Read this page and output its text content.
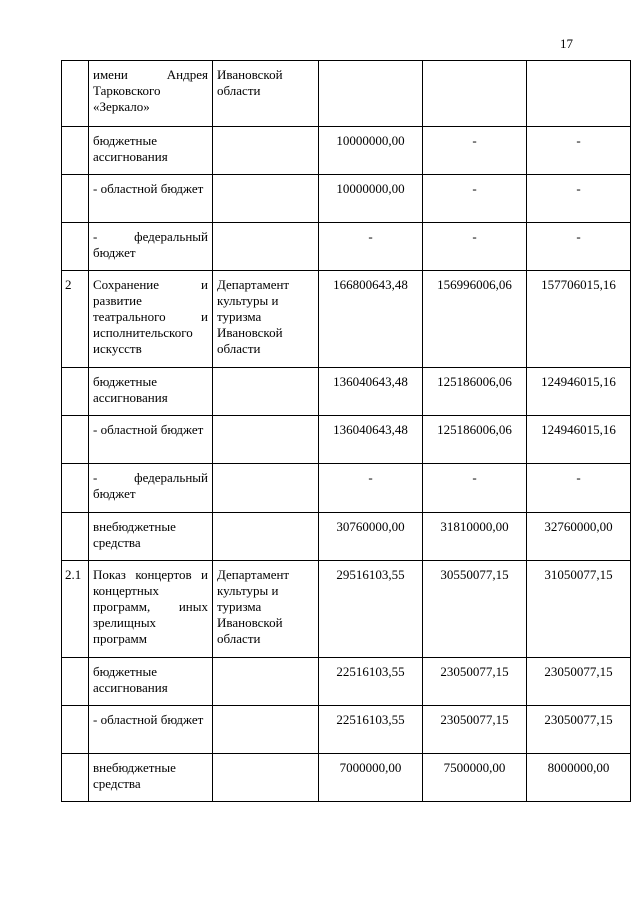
17
	имени Андрея Тарковского «Зеркало»	Ивановской области			
	бюджетные ассигнования		10000000,00	-	-
	- областной бюджет		10000000,00	-	-
	- федеральный бюджет		-	-	-
2	Сохранение и развитие театрального и исполнительского искусств	Департамент культуры и туризма Ивановской области	166800643,48	156996006,06	157706015,16
	бюджетные ассигнования		136040643,48	125186006,06	124946015,16
	- областной бюджет		136040643,48	125186006,06	124946015,16
	- федеральный бюджет		-	-	-
	внебюджетные средства		30760000,00	31810000,00	32760000,00
2.1	Показ концертов и концертных программ, иных зрелищных программ	Департамент культуры и туризма Ивановской области	29516103,55	30550077,15	31050077,15
	бюджетные ассигнования		22516103,55	23050077,15	23050077,15
	- областной бюджет		22516103,55	23050077,15	23050077,15
	внебюджетные средства		7000000,00	7500000,00	8000000,00
